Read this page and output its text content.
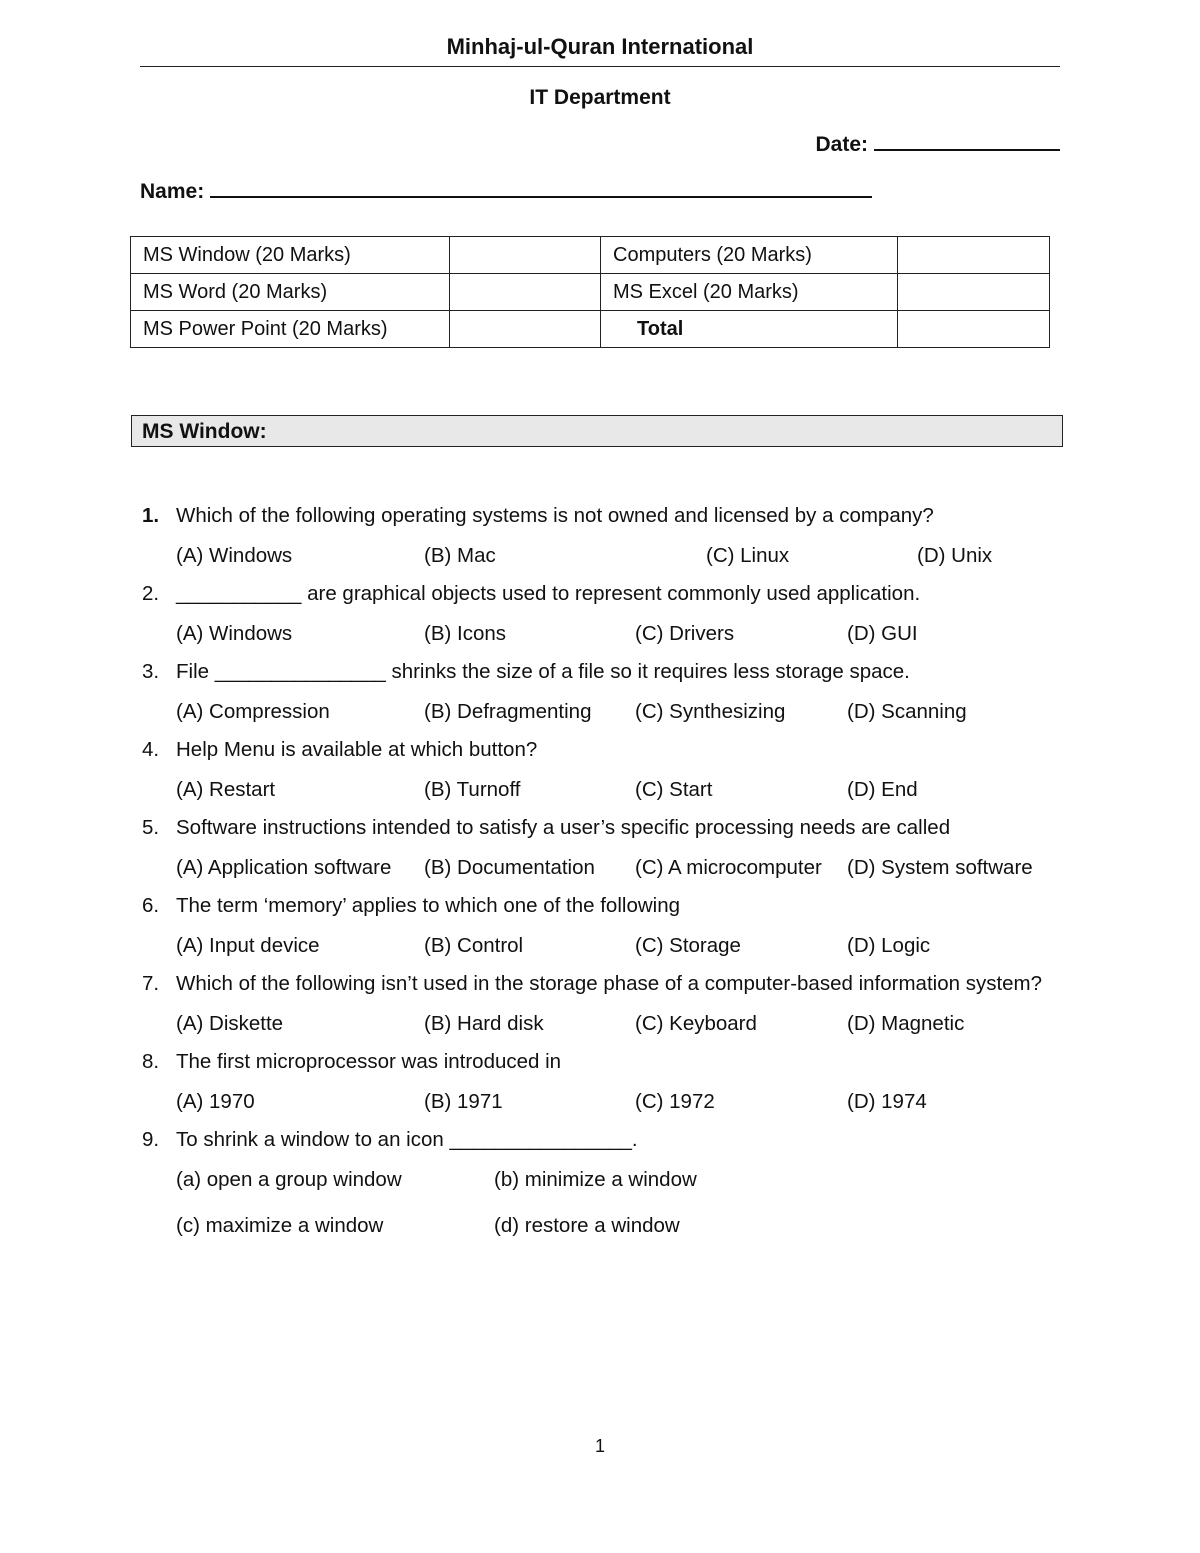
Minhaj-ul-Quran International
IT Department
Date:
Name:
MS Window (20 Marks)		Computers (20 Marks)	
MS Word (20 Marks)		MS Excel (20 Marks)	
MS Power Point (20 Marks)		Total	
MS Window:
1. Which of the following operating systems is not owned and licensed by a company?
(A) Windows	(B) Mac	(C) Linux	(D) Unix
2. ___________ are graphical objects used to represent commonly used application.
(A) Windows	(B) Icons	(C) Drivers	(D) GUI
3. File _______________ shrinks the size of a file so it requires less storage space.
(A) Compression	(B) Defragmenting (C) Synthesizing	(D) Scanning
4. Help Menu is available at which button?
(A) Restart	(B) Turnoff	(C) Start	(D) End
5. Software instructions intended to satisfy a user’s specific processing needs are called
(A) Application software (B) Documentation (C) A microcomputer (D) System software
6. The term ‘memory’ applies to which one of the following
(A) Input device	(B) Control	(C) Storage	(D) Logic
7. Which of the following isn’t used in the storage phase of a computer-based information system?
(A) Diskette	(B) Hard disk	(C) Keyboard	(D) Magnetic
8. The first microprocessor was introduced in
(A) 1970	(B) 1971	(C) 1972	(D) 1974
9. To shrink a window to an icon ________________.
(a) open a group window	(b) minimize a window
(c) maximize a window	(d) restore a window
1
